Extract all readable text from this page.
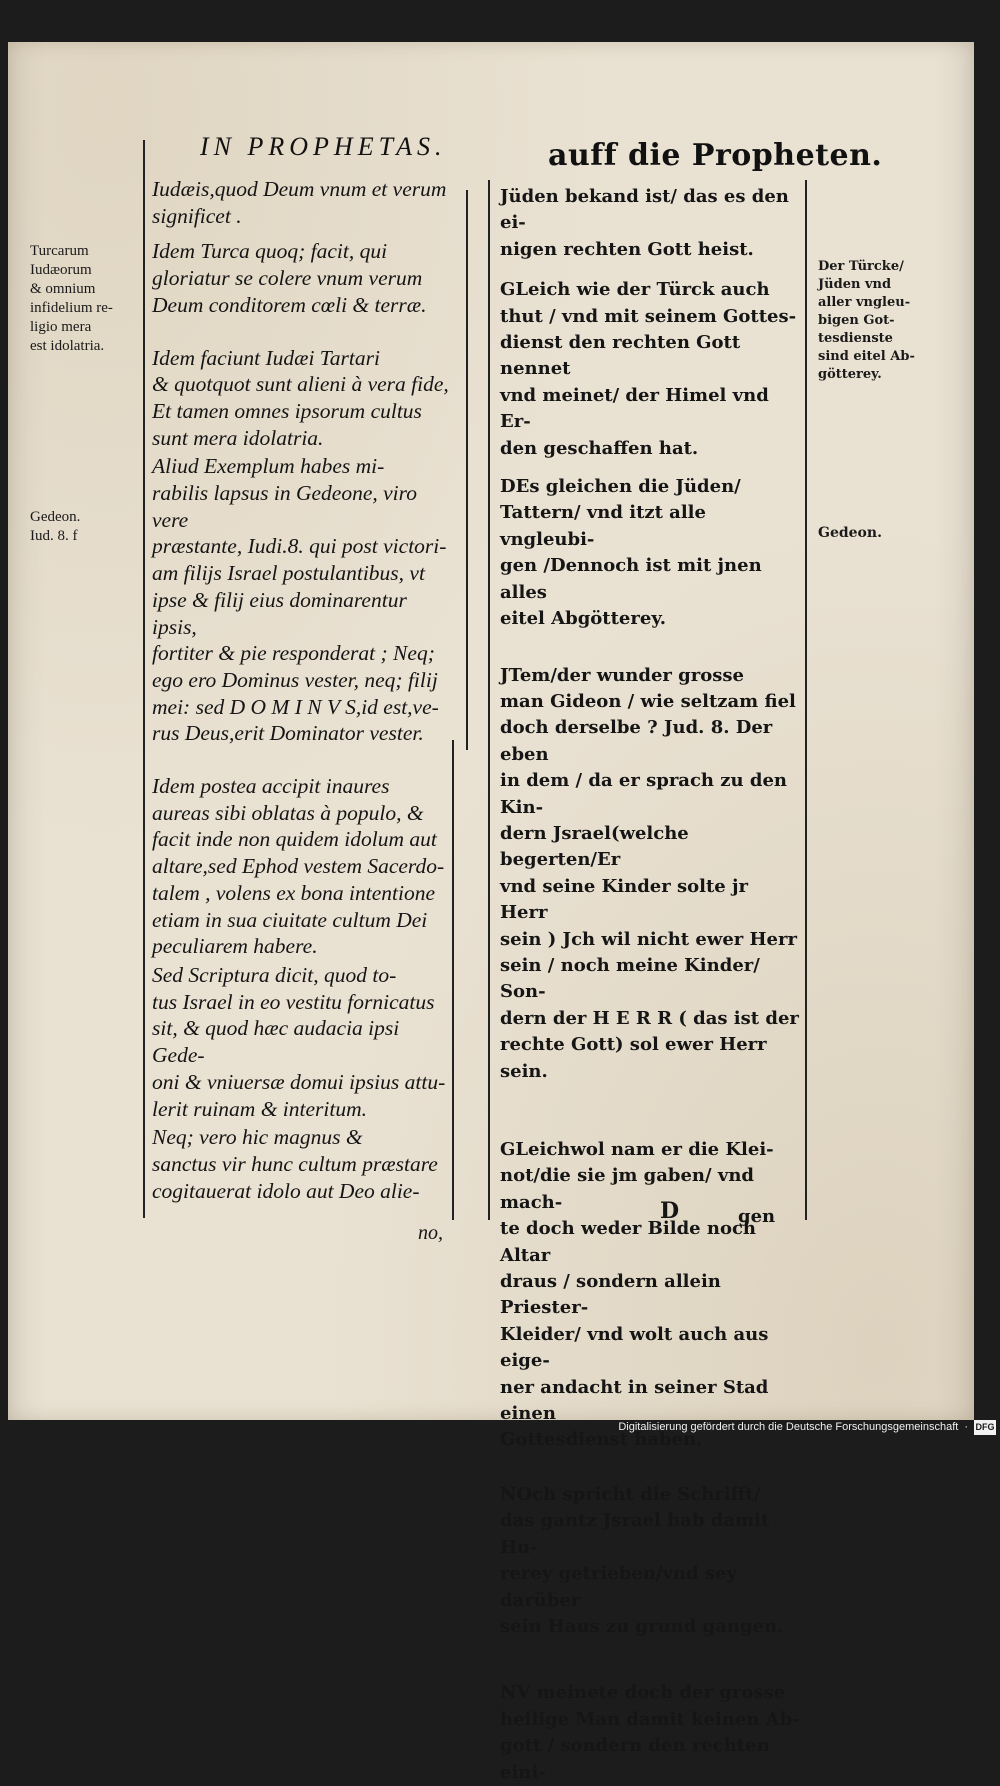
IN PROPHETAS.	auff die Propheten.
Turcarum
Iudæorum
& omnium
infidelium re-
ligio mera
est idolatria.
Gedeon.
Iud. 8. f
Der Türcke/
Jüden vnd
aller vngleu-
bigen Got-
tesdienste
sind eitel Ab-
götterey.
Gedeon.

Iudæis,quod Deum vnum et verum
significet .

Idem Turca quoq; facit, qui
gloriatur se colere vnum verum
Deum conditorem cœli & terræ.

Idem faciunt Iudæi Tartari
& quotquot sunt alieni à vera fide,
Et tamen omnes ipsorum cultus
sunt mera idolatria.

Aliud Exemplum habes mi-
rabilis lapsus in Gedeone, viro vere
præstante, Iudi.8. qui post victori-
am filijs Israel postulantibus, vt
ipse & filij eius dominarentur ipsis,
fortiter & pie responderat ; Neq;
ego ero Dominus vester, neq; filij
mei: sed D O M I N V S,id est,ve-
rus Deus,erit Dominator vester.

Idem postea accipit inaures
aureas sibi oblatas à populo, &
facit inde non quidem idolum aut
altare,sed Ephod vestem Sacerdo-
talem , volens ex bona intentione
etiam in sua ciuitate cultum Dei
peculiarem habere.

Sed Scriptura dicit, quod to-
tus Israel in eo vestitu fornicatus
sit, & quod hæc audacia ipsi Gede-
oni & vniuersæ domui ipsius attu-
lerit ruinam & interitum.

Neq; vero hic magnus &
sanctus vir hunc cultum præstare
cogitauerat idolo aut Deo alie-

no,

Jüden bekand ist/ das es den ei-
nigen rechten Gott heist.

GLeich wie der Türck auch
thut / vnd mit seinem Gottes-
dienst den rechten Gott nennet
vnd meinet/ der Himel vnd Er-
den geschaffen hat.

DEs gleichen die Jüden/
Tattern/ vnd itzt alle vngleubi-
gen /Dennoch ist mit jnen alles
eitel Abgötterey.

JTem/der wunder grosse
man Gideon / wie seltzam fiel
doch derselbe ? Jud. 8. Der eben
in dem / da er sprach zu den Kin-
dern Jsrael(welche begerten/Er
vnd seine Kinder solte jr Herr
sein ) Jch wil nicht ewer Herr
sein / noch meine Kinder/ Son-
dern der H E R R ( das ist der
rechte Gott) sol ewer Herr sein.

GLeichwol nam er die Klei-
not/die sie jm gaben/ vnd mach-
te doch weder Bilde noch Altar
draus / sondern allein Priester-
Kleider/ vnd wolt auch aus eige-
ner andacht in seiner Stad einen
Gottesdienst haben.

NOch spricht die Schrifft/
das gantz Jsrael hab damit Hu-
rerey getrieben/vnd sey darüber
sein Haus zu grund gangen.

NV meinete doch der grosse
heilige Man damit keinen Ab-
gott / sondern den rechten eini-

D	gen
Digitalisierung gefördert durch die Deutsche Forschungsgemeinschaft · DFG
